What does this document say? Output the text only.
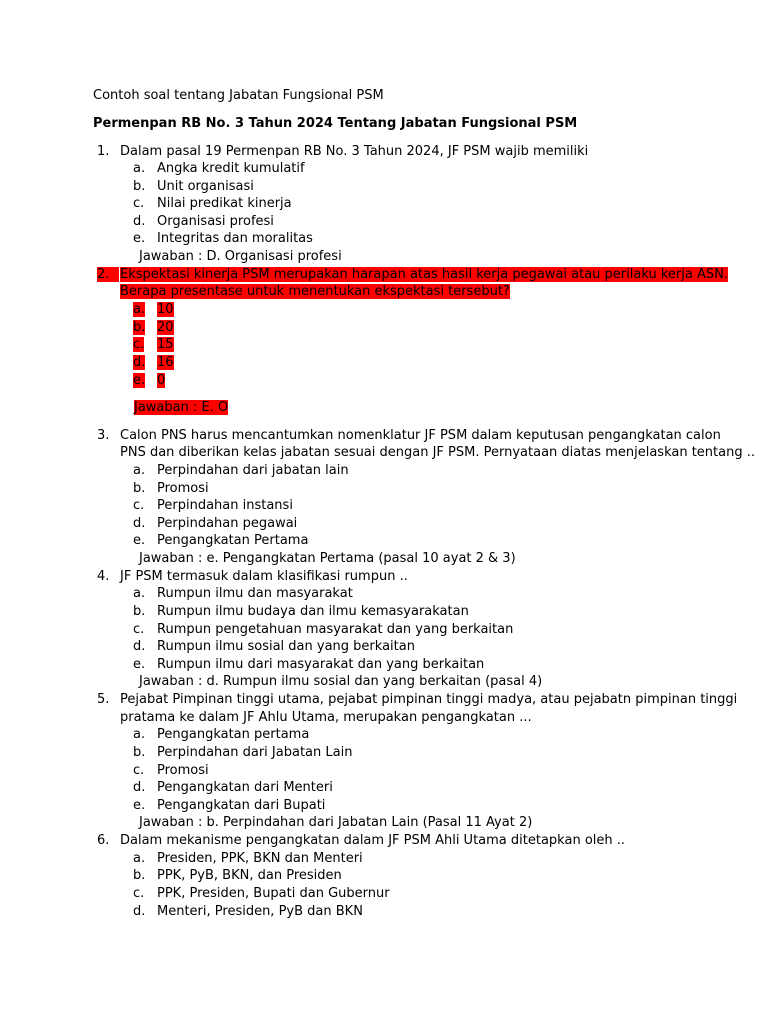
Contoh soal tentang Jabatan Fungsional PSM
Permenpan RB No. 3 Tahun 2024 Tentang Jabatan Fungsional PSM
1. Dalam pasal 19 Permenpan RB No. 3 Tahun 2024, JF PSM wajib memiliki
a. Angka kredit kumulatif
b. Unit organisasi
c. Nilai predikat kinerja
d. Organisasi profesi
e. Integritas dan moralitas
Jawaban : D. Organisasi profesi
2. Ekspektasi kinerja PSM merupakan harapan atas hasil kerja pegawai atau perilaku kerja ASN.
Berapa presentase untuk menentukan ekspektasi tersebut?
a. 10
b. 20
c. 15
d. 16
e. 0
Jawaban : E. O
3. Calon PNS harus mencantumkan nomenklatur JF PSM dalam keputusan pengangkatan calon
PNS dan diberikan kelas jabatan sesuai dengan JF PSM. Pernyataan diatas menjelaskan tentang ..
a. Perpindahan dari jabatan lain
b. Promosi
c. Perpindahan instansi
d. Perpindahan pegawai
e. Pengangkatan Pertama
Jawaban : e. Pengangkatan Pertama (pasal 10 ayat 2 & 3)
4. JF PSM termasuk dalam klasifikasi rumpun ..
a. Rumpun ilmu dan masyarakat
b. Rumpun ilmu budaya dan ilmu kemasyarakatan
c. Rumpun pengetahuan masyarakat dan yang berkaitan
d. Rumpun ilmu sosial dan yang berkaitan
e. Rumpun ilmu dari masyarakat dan yang berkaitan
Jawaban : d. Rumpun ilmu sosial dan yang berkaitan (pasal 4)
5. Pejabat Pimpinan tinggi utama, pejabat pimpinan tinggi madya, atau pejabatn pimpinan tinggi
pratama ke dalam JF Ahlu Utama, merupakan pengangkatan ...
a. Pengangkatan pertama
b. Perpindahan dari Jabatan Lain
c. Promosi
d. Pengangkatan dari Menteri
e. Pengangkatan dari Bupati
Jawaban : b. Perpindahan dari Jabatan Lain (Pasal 11 Ayat 2)
6. Dalam mekanisme pengangkatan dalam JF PSM Ahli Utama ditetapkan oleh ..
a. Presiden, PPK, BKN dan Menteri
b. PPK, PyB, BKN, dan Presiden
c. PPK, Presiden, Bupati dan Gubernur
d. Menteri, Presiden, PyB dan BKN
